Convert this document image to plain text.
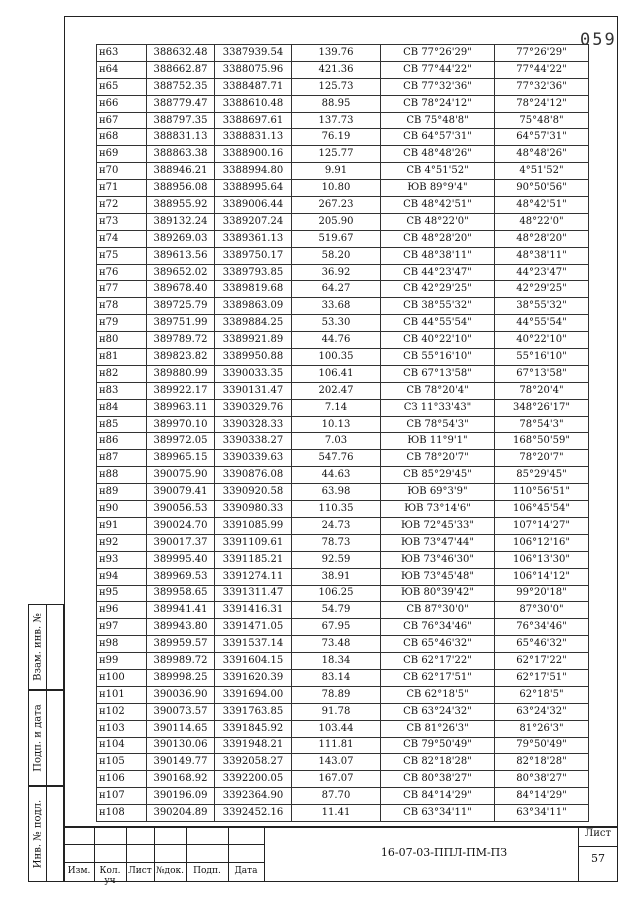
059
н63	388632.48	3387939.54	139.76	СВ 77°26'29"	77°26'29"
н64	388662.87	3388075.96	421.36	СВ 77°44'22"	77°44'22"
н65	388752.35	3388487.71	125.73	СВ 77°32'36"	77°32'36"
н66	388779.47	3388610.48	88.95	СВ 78°24'12"	78°24'12"
н67	388797.35	3388697.61	137.73	СВ 75°48'8"	75°48'8"
н68	388831.13	3388831.13	76.19	СВ 64°57'31"	64°57'31"
н69	388863.38	3388900.16	125.77	СВ 48°48'26"	48°48'26"
н70	388946.21	3388994.80	9.91	СВ 4°51'52"	4°51'52"
н71	388956.08	3388995.64	10.80	ЮВ 89°9'4"	90°50'56"
н72	388955.92	3389006.44	267.23	СВ 48°42'51"	48°42'51"
н73	389132.24	3389207.24	205.90	СВ 48°22'0"	48°22'0"
н74	389269.03	3389361.13	519.67	СВ 48°28'20"	48°28'20"
н75	389613.56	3389750.17	58.20	СВ 48°38'11"	48°38'11"
н76	389652.02	3389793.85	36.92	СВ 44°23'47"	44°23'47"
н77	389678.40	3389819.68	64.27	СВ 42°29'25"	42°29'25"
н78	389725.79	3389863.09	33.68	СВ 38°55'32"	38°55'32"
н79	389751.99	3389884.25	53.30	СВ 44°55'54"	44°55'54"
н80	389789.72	3389921.89	44.76	СВ 40°22'10"	40°22'10"
н81	389823.82	3389950.88	100.35	СВ 55°16'10"	55°16'10"
н82	389880.99	3390033.35	106.41	СВ 67°13'58"	67°13'58"
н83	389922.17	3390131.47	202.47	СВ 78°20'4"	78°20'4"
н84	389963.11	3390329.76	7.14	СЗ 11°33'43"	348°26'17"
н85	389970.10	3390328.33	10.13	СВ 78°54'3"	78°54'3"
н86	389972.05	3390338.27	7.03	ЮВ 11°9'1"	168°50'59"
н87	389965.15	3390339.63	547.76	СВ 78°20'7"	78°20'7"
н88	390075.90	3390876.08	44.63	СВ 85°29'45"	85°29'45"
н89	390079.41	3390920.58	63.98	ЮВ 69°3'9"	110°56'51"
н90	390056.53	3390980.33	110.35	ЮВ 73°14'6"	106°45'54"
н91	390024.70	3391085.99	24.73	ЮВ 72°45'33"	107°14'27"
н92	390017.37	3391109.61	78.73	ЮВ 73°47'44"	106°12'16"
н93	389995.40	3391185.21	92.59	ЮВ 73°46'30"	106°13'30"
н94	389969.53	3391274.11	38.91	ЮВ 73°45'48"	106°14'12"
н95	389958.65	3391311.47	106.25	ЮВ 80°39'42"	99°20'18"
н96	389941.41	3391416.31	54.79	СВ 87°30'0"	87°30'0"
н97	389943.80	3391471.05	67.95	СВ 76°34'46"	76°34'46"
н98	389959.57	3391537.14	73.48	СВ 65°46'32"	65°46'32"
н99	389989.72	3391604.15	18.34	СВ 62°17'22"	62°17'22"
н100	389998.25	3391620.39	83.14	СВ 62°17'51"	62°17'51"
н101	390036.90	3391694.00	78.89	СВ 62°18'5"	62°18'5"
н102	390073.57	3391763.85	91.78	СВ 63°24'32"	63°24'32"
н103	390114.65	3391845.92	103.44	СВ 81°26'3"	81°26'3"
н104	390130.06	3391948.21	111.81	СВ 79°50'49"	79°50'49"
н105	390149.77	3392058.27	143.07	СВ 82°18'28"	82°18'28"
н106	390168.92	3392200.05	167.07	СВ 80°38'27"	80°38'27"
н107	390196.09	3392364.90	87.70	СВ 84°14'29"	84°14'29"
н108	390204.89	3392452.16	11.41	СВ 63°34'11"	63°34'11"
Взам. инв. №
Подп. и дата
Инв. № подл.
Изм.	Кол. уч
Лист №док.	Подп.	Дата
16-07-03-ППЛ-ПМ-ПЗ
Лист
57
